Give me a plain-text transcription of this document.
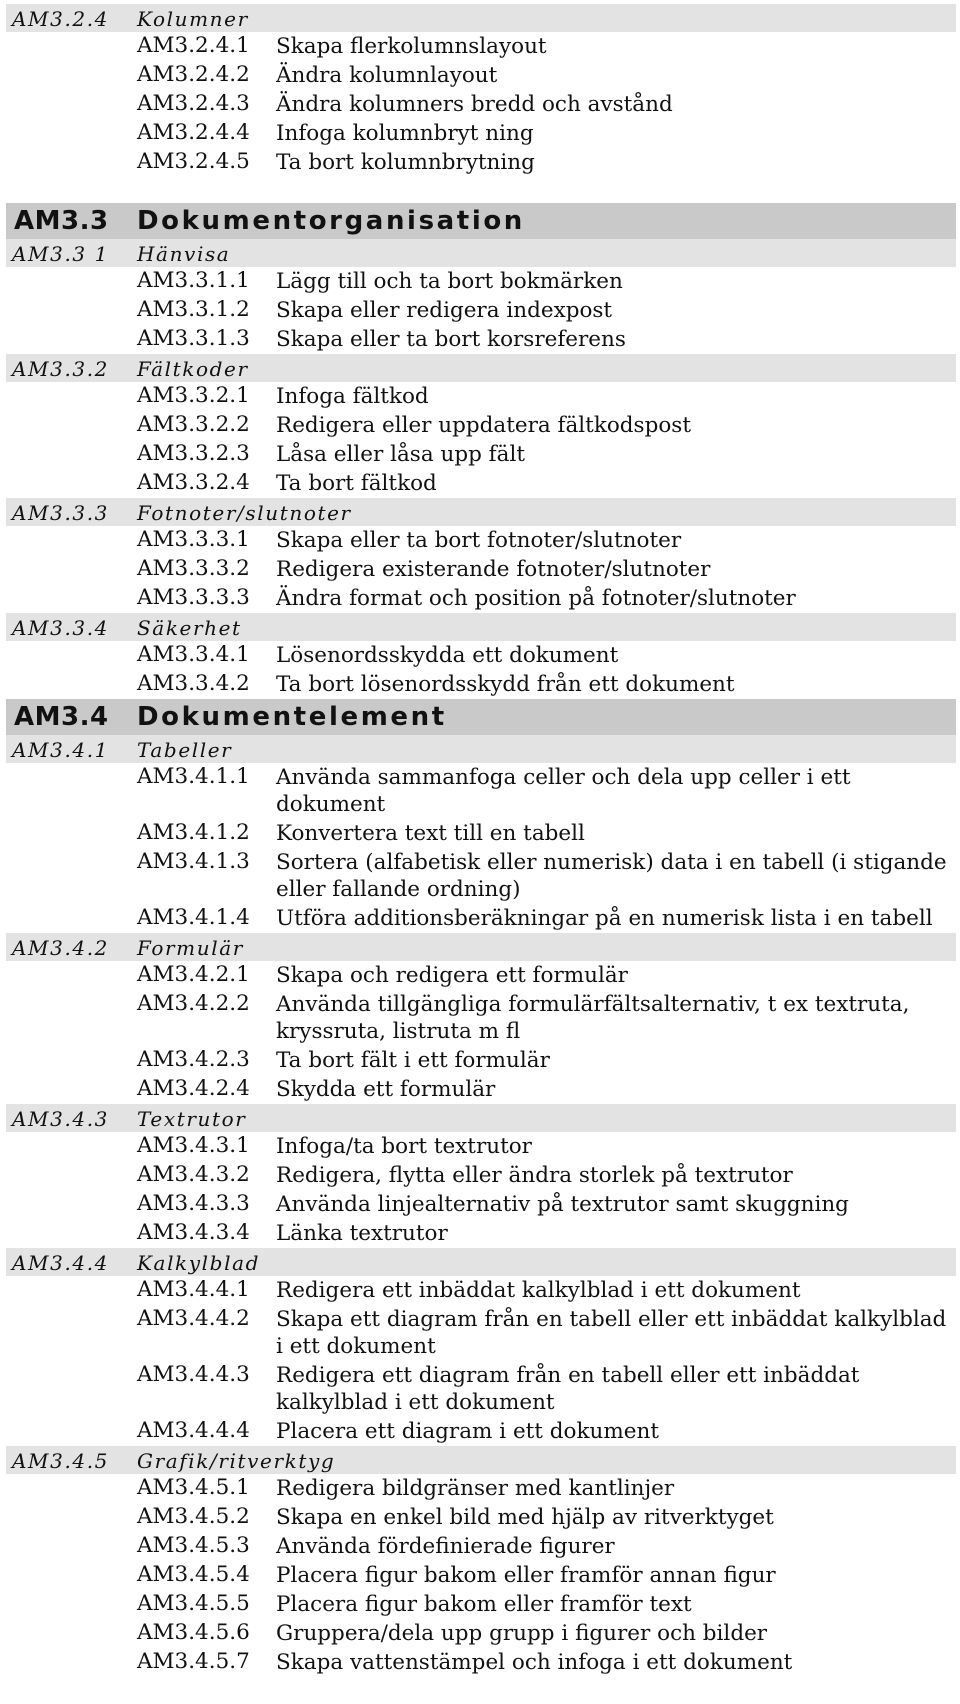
AM3.2.4 Kolumner
AM3.2.4.1 Skapa flerkolumnslayout
AM3.2.4.2 Ändra kolumnlayout
AM3.2.4.3 Ändra kolumners bredd och avstånd
AM3.2.4.4 Infoga kolumnbryt ning
AM3.2.4.5 Ta bort kolumnbrytning
AM3.3 Dokumentorganisation
AM3.3 1 Hänvisa
AM3.3.1.1 Lägg till och ta bort bokmärken
AM3.3.1.2 Skapa eller redigera indexpost
AM3.3.1.3 Skapa eller ta bort korsreferens
AM3.3.2 Fältkoder
AM3.3.2.1 Infoga fältkod
AM3.3.2.2 Redigera eller uppdatera fältkodspost
AM3.3.2.3 Låsa eller låsa upp fält
AM3.3.2.4 Ta bort fältkod
AM3.3.3 Fotnoter/slutnoter
AM3.3.3.1 Skapa eller ta bort fotnoter/slutnoter
AM3.3.3.2 Redigera existerande fotnoter/slutnoter
AM3.3.3.3 Ändra format och position på fotnoter/slutnoter
AM3.3.4 Säkerhet
AM3.3.4.1 Lösenordsskydda ett dokument
AM3.3.4.2 Ta bort lösenordsskydd från ett dokument
AM3.4 Dokumentelement
AM3.4.1 Tabeller
AM3.4.1.1 Använda sammanfoga celler och dela upp celler i ett dokument
AM3.4.1.2 Konvertera text till en tabell
AM3.4.1.3 Sortera (alfabetisk eller numerisk) data i en tabell (i stigande eller fallande ordning)
AM3.4.1.4 Utföra additionsberäkningar på en numerisk lista i en tabell
AM3.4.2 Formulär
AM3.4.2.1 Skapa och redigera ett formulär
AM3.4.2.2 Använda tillgängliga formulärfältsalternativ, t ex textruta, kryssruta, listruta m fl
AM3.4.2.3 Ta bort fält i ett formulär
AM3.4.2.4 Skydda ett formulär
AM3.4.3 Textrutor
AM3.4.3.1 Infoga/ta bort textrutor
AM3.4.3.2 Redigera, flytta eller ändra storlek på textrutor
AM3.4.3.3 Använda linjealternativ på textrutor samt skuggning
AM3.4.3.4 Länka textrutor
AM3.4.4 Kalkylblad
AM3.4.4.1 Redigera ett inbäddat kalkylblad i ett dokument
AM3.4.4.2 Skapa ett diagram från en tabell eller ett inbäddat kalkylblad i ett dokument
AM3.4.4.3 Redigera ett diagram från en tabell eller ett inbäddat kalkylblad i ett dokument
AM3.4.4.4 Placera ett diagram i ett dokument
AM3.4.5 Grafik/ritverktyg
AM3.4.5.1 Redigera bildgränser med kantlinjer
AM3.4.5.2 Skapa en enkel bild med hjälp av ritverktyget
AM3.4.5.3 Använda fördefinierade figurer
AM3.4.5.4 Placera figur bakom eller framför annan figur
AM3.4.5.5 Placera figur bakom eller framför text
AM3.4.5.6 Gruppera/dela upp grupp i figurer och bilder
AM3.4.5.7 Skapa vattenstämpel och infoga i ett dokument
